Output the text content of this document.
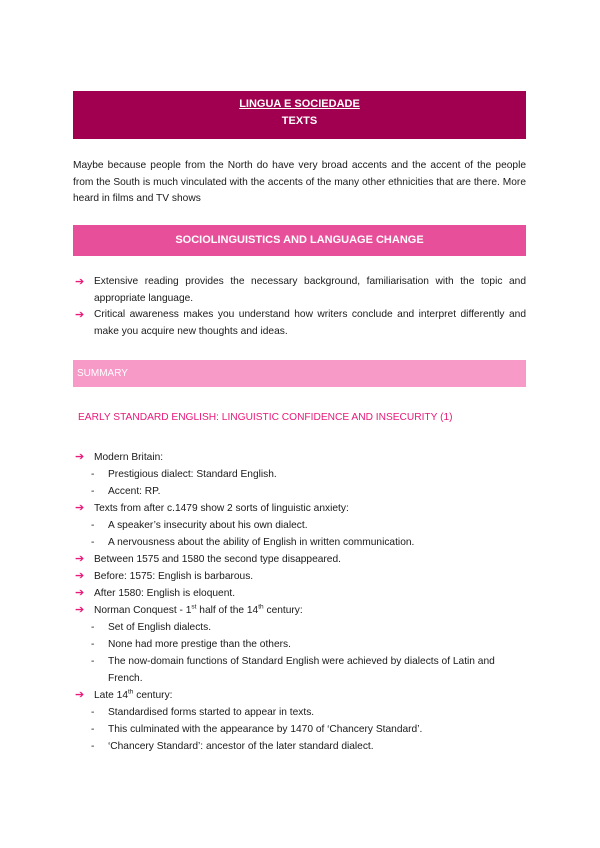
LINGUA E SOCIEDADE
TEXTS

Maybe because people from the North do have very broad accents and the accent of the people from the South is much vinculated with the accents of the many other ethnicities that are there. More heard in films and TV shows

SOCIOLINGUISTICS AND LANGUAGE CHANGE
➔ Extensive reading provides the necessary background, familiarisation with the topic and appropriate language.
➔ Critical awareness makes you understand how writers conclude and interpret differently and make you acquire new thoughts and ideas.
SUMMARY

EARLY STANDARD ENGLISH: LINGUISTIC CONFIDENCE AND INSECURITY (1)

➔ Modern Britain:
- Prestigious dialect: Standard English.
- Accent: RP.
➔ Texts from after c.1479 show 2 sorts of linguistic anxiety:
- A speaker’s insecurity about his own dialect.
- A nervousness about the ability of English in written communication.
➔ Between 1575 and 1580 the second type disappeared.
➔ Before: 1575: English is barbarous.
➔ After 1580: English is eloquent.
➔ Norman Conquest - 1st half of the 14th century:
- Set of English dialects.
- None had more prestige than the others.
- The now-domain functions of Standard English were achieved by dialects of Latin and French.
➔ Late 14th century:
- Standardised forms started to appear in texts.
- This culminated with the appearance by 1470 of ‘Chancery Standard’.
- ‘Chancery Standard’: ancestor of the later standard dialect.
